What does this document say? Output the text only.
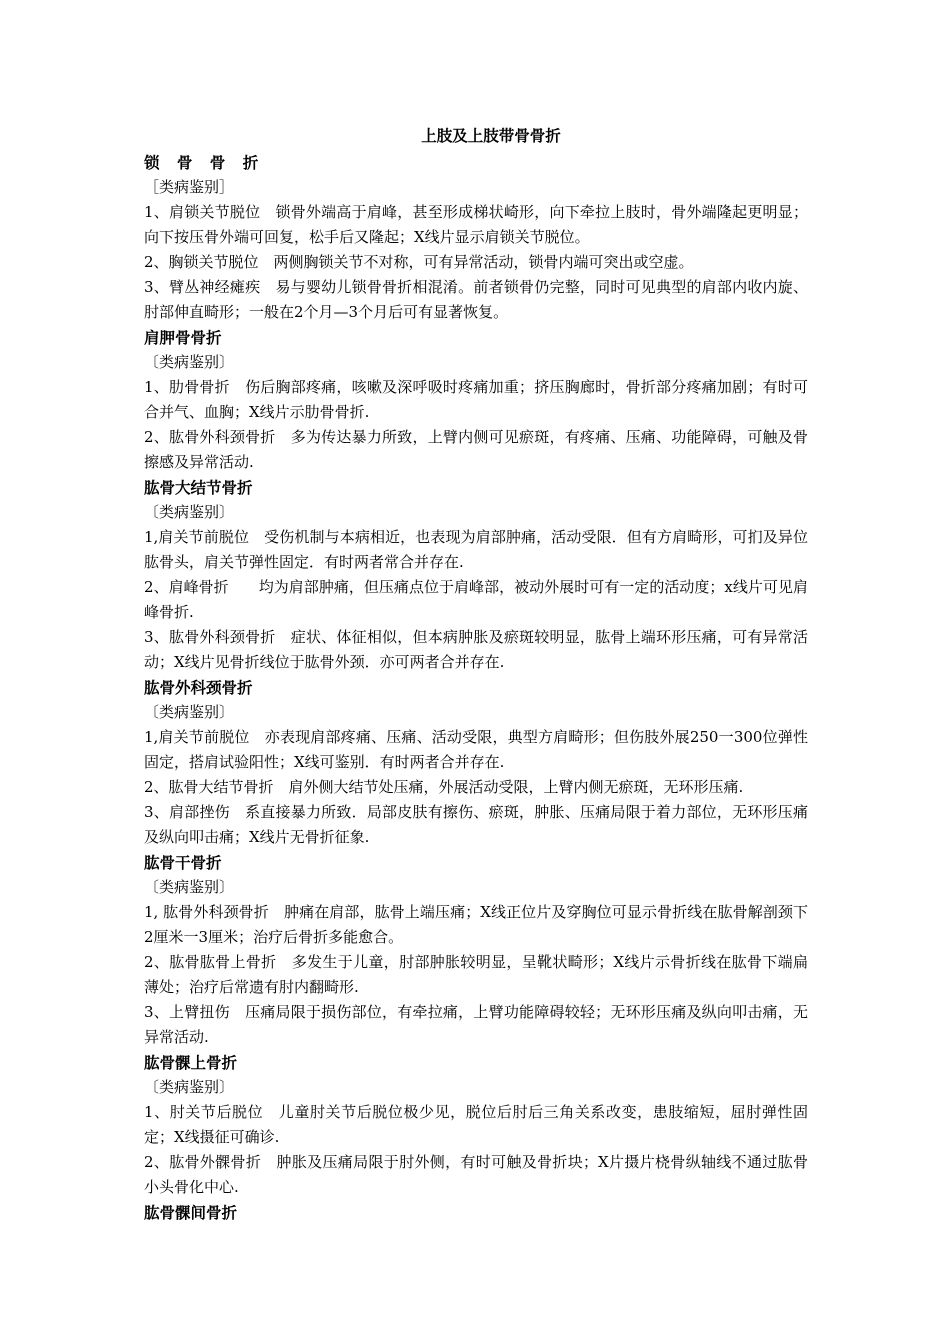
上肢及上肢带骨骨折
锁 骨 骨 折
［类病鉴别］
1、肩锁关节脱位　锁骨外端高于肩峰，甚至形成梯状崎形，向下牵拉上肢时，骨外端隆起更明显；向下按压骨外端可回复，松手后又隆起；X线片显示肩锁关节脱位。
2、胸锁关节脱位　两侧胸锁关节不对称，可有异常活动，锁骨内端可突出或空虚。
3、臂丛神经瘫疾　易与婴幼儿锁骨骨折相混淆。前者锁骨仍完整，同时可见典型的肩部内收内旋、肘部伸直畸形；一般在2个月—3个月后可有显著恢复。
肩胛骨骨折
〔类病鉴别〕
1、肋骨骨折　伤后胸部疼痛，咳嗽及深呼吸时疼痛加重；挤压胸廊时，骨折部分疼痛加剧；有时可合并气、血胸；X线片示肋骨骨折.
2、肱骨外科颈骨折　多为传达暴力所致，上臂内侧可见瘀斑，有疼痛、压痛、功能障碍，可触及骨擦感及异常活动.
肱骨大结节骨折
〔类病鉴别〕
1,肩关节前脱位　受伤机制与本病相近，也表现为肩部肿痛，活动受限．但有方肩畸形，可扪及异位肱骨头，肩关节弹性固定．有时两者常合并存在.
2、肩峰骨折　　均为肩部肿痛，但压痛点位于肩峰部，被动外展时可有一定的活动度；x线片可见肩峰骨折.
3、肱骨外科颈骨折　症状、体征相似，但本病肿胀及瘀斑较明显，肱骨上端环形压痛，可有异常活动；X线片见骨折线位于肱骨外颈．亦可两者合并存在.
肱骨外科颈骨折
〔类病鉴别〕
1,肩关节前脱位　亦表现肩部疼痛、压痛、活动受限，典型方肩畸形；但伤肢外展250一300位弹性固定，搭肩试验阳性；X线可鉴别．有时两者合并存在.
2、肱骨大结节骨折　肩外侧大结节处压痛，外展活动受限，上臂内侧无瘀斑，无环形压痛.
3、肩部挫伤　系直接暴力所致．局部皮肤有擦伤、瘀斑，肿胀、压痛局限于着力部位，无环形压痛及纵向叩击痛；X线片无骨折征象.
肱骨干骨折
〔类病鉴别〕
1, 肱骨外科颈骨折　肿痛在肩部，肱骨上端压痛；X线正位片及穿胸位可显示骨折线在肱骨解剖颈下2厘米一3厘米；治疗后骨折多能愈合。
2、肱骨肱骨上骨折　多发生于儿童，肘部肿胀较明显，呈靴状畸形；X线片示骨折线在肱骨下端扁薄处；治疗后常遗有肘内翻畸形.
3、上臂扭伤　压痛局限于损伤部位，有牵拉痛，上臂功能障碍较轻；无环形压痛及纵向叩击痛，无异常活动.
肱骨髁上骨折
〔类病鉴别〕
1、肘关节后脱位　儿童肘关节后脱位极少见，脱位后肘后三角关系改变，患肢缩短，屈肘弹性固定；X线摄征可确诊.
2、肱骨外髁骨折　肿胀及压痛局限于肘外侧，有时可触及骨折块；X片摄片桡骨纵轴线不通过肱骨小头骨化中心.
肱骨髁间骨折
